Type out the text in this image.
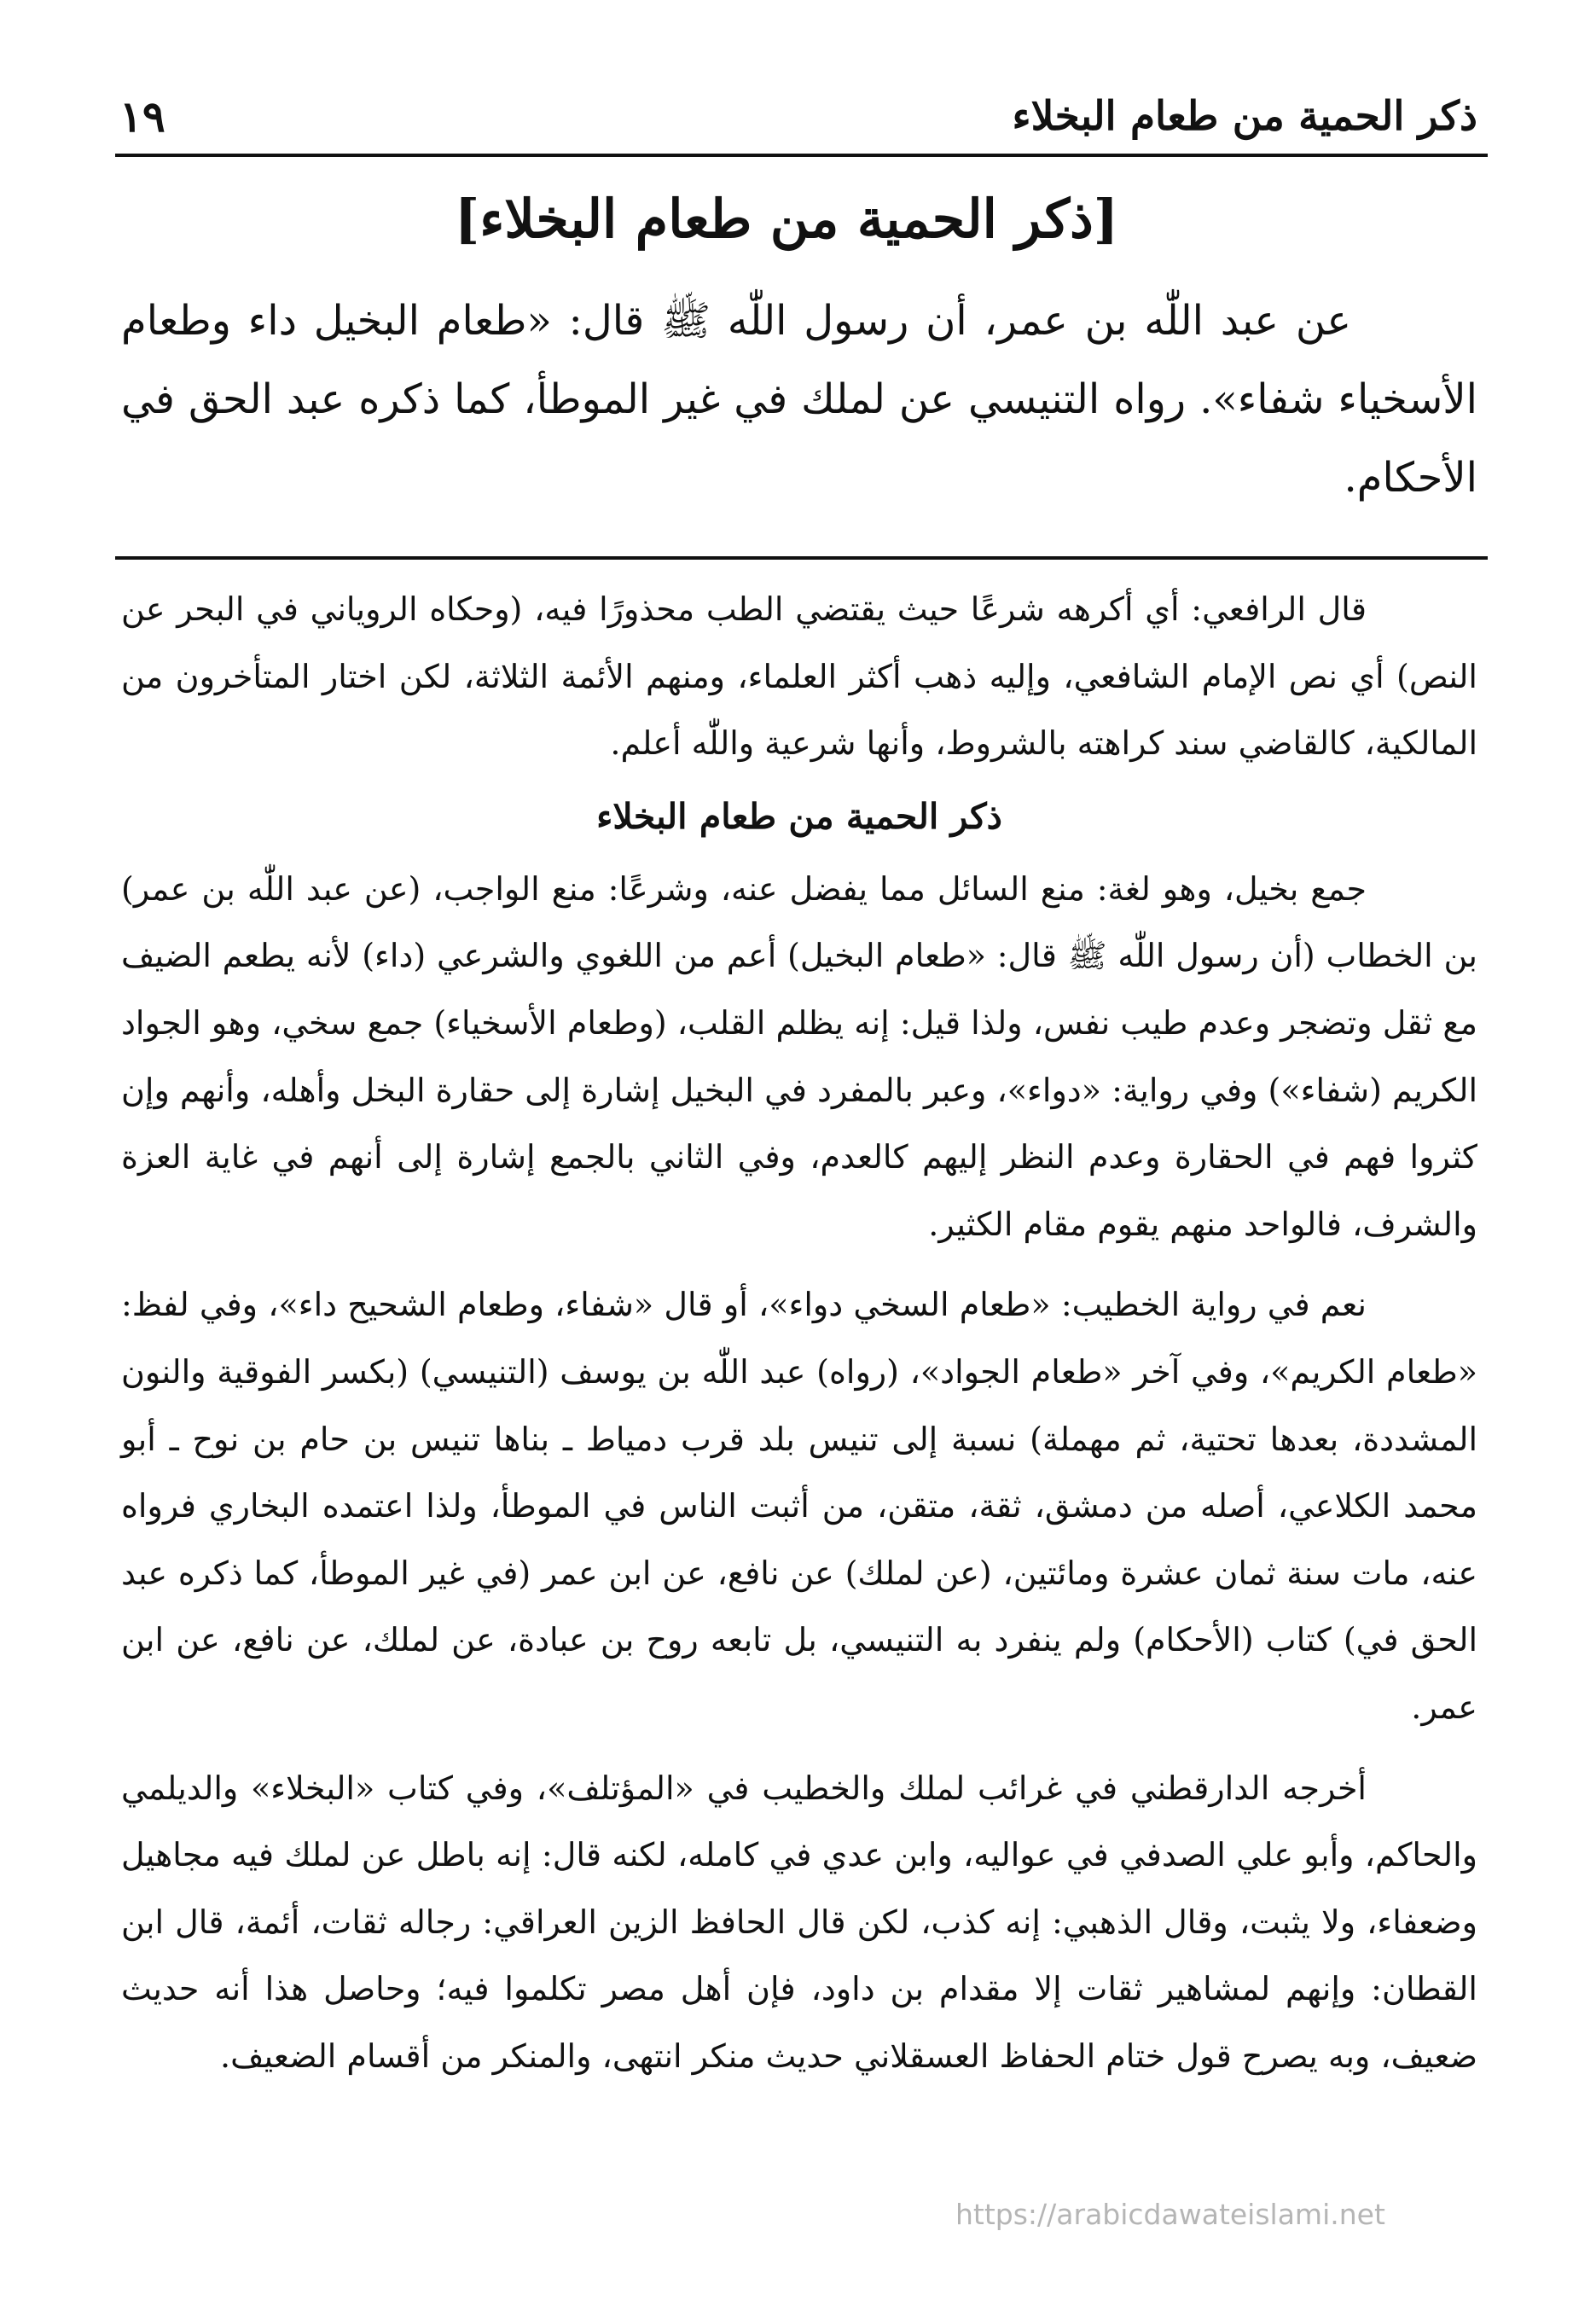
ذكر الحمية من طعام البخلاء
١٩
[ذكر الحمية من طعام البخلاء]

عن عبد اللّٰه بن عمر، أن رسول اللّٰه ﷺ قال: «طعام البخيل داء وطعام الأسخياء شفاء». رواه التنيسي عن لملك في غير الموطأ، كما ذكره عبد الحق في الأحكام.

قال الرافعي: أي أكرهه شرعًا حيث يقتضي الطب محذورًا فيه، (وحكاه الروياني في البحر عن النص) أي نص الإمام الشافعي، وإليه ذهب أكثر العلماء، ومنهم الأئمة الثلاثة، لكن اختار المتأخرون من المالكية، كالقاضي سند كراهته بالشروط، وأنها شرعية واللّٰه أعلم.

ذكر الحمية من طعام البخلاء

جمع بخيل، وهو لغة: منع السائل مما يفضل عنه، وشرعًا: منع الواجب، (عن عبد اللّٰه بن عمر) بن الخطاب (أن رسول اللّٰه ﷺ قال: «طعام البخيل) أعم من اللغوي والشرعي (داء) لأنه يطعم الضيف مع ثقل وتضجر وعدم طيب نفس، ولذا قيل: إنه يظلم القلب، (وطعام الأسخياء) جمع سخي، وهو الجواد الكريم (شفاء») وفي رواية: «دواء»، وعبر بالمفرد في البخيل إشارة إلى حقارة البخل وأهله، وأنهم وإن كثروا فهم في الحقارة وعدم النظر إليهم كالعدم، وفي الثاني بالجمع إشارة إلى أنهم في غاية العزة والشرف، فالواحد منهم يقوم مقام الكثير.

نعم في رواية الخطيب: «طعام السخي دواء»، أو قال «شفاء، وطعام الشحيح داء»، وفي لفظ: «طعام الكريم»، وفي آخر «طعام الجواد»، (رواه) عبد اللّٰه بن يوسف (التنيسي) (بكسر الفوقية والنون المشددة، بعدها تحتية، ثم مهملة) نسبة إلى تنيس بلد قرب دمياط ـ بناها تنيس بن حام بن نوح ـ أبو محمد الكلاعي، أصله من دمشق، ثقة، متقن، من أثبت الناس في الموطأ، ولذا اعتمده البخاري فرواه عنه، مات سنة ثمان عشرة ومائتين، (عن لملك) عن نافع، عن ابن عمر (في غير الموطأ، كما ذكره عبد الحق في) كتاب (الأحكام) ولم ينفرد به التنيسي، بل تابعه روح بن عبادة، عن لملك، عن نافع، عن ابن عمر.

أخرجه الدارقطني في غرائب لملك والخطيب في «المؤتلف»، وفي كتاب «البخلاء» والديلمي والحاكم، وأبو علي الصدفي في عواليه، وابن عدي في كامله، لكنه قال: إنه باطل عن لملك فيه مجاهيل وضعفاء، ولا يثبت، وقال الذهبي: إنه كذب، لكن قال الحافظ الزين العراقي: رجاله ثقات، أئمة، قال ابن القطان: وإنهم لمشاهير ثقات إلا مقدام بن داود، فإن أهل مصر تكلموا فيه؛ وحاصل هذا أنه حديث ضعيف، وبه يصرح قول ختام الحفاظ العسقلاني حديث منكر انتهى، والمنكر من أقسام الضعيف.

https://arabicdawateislami.net
